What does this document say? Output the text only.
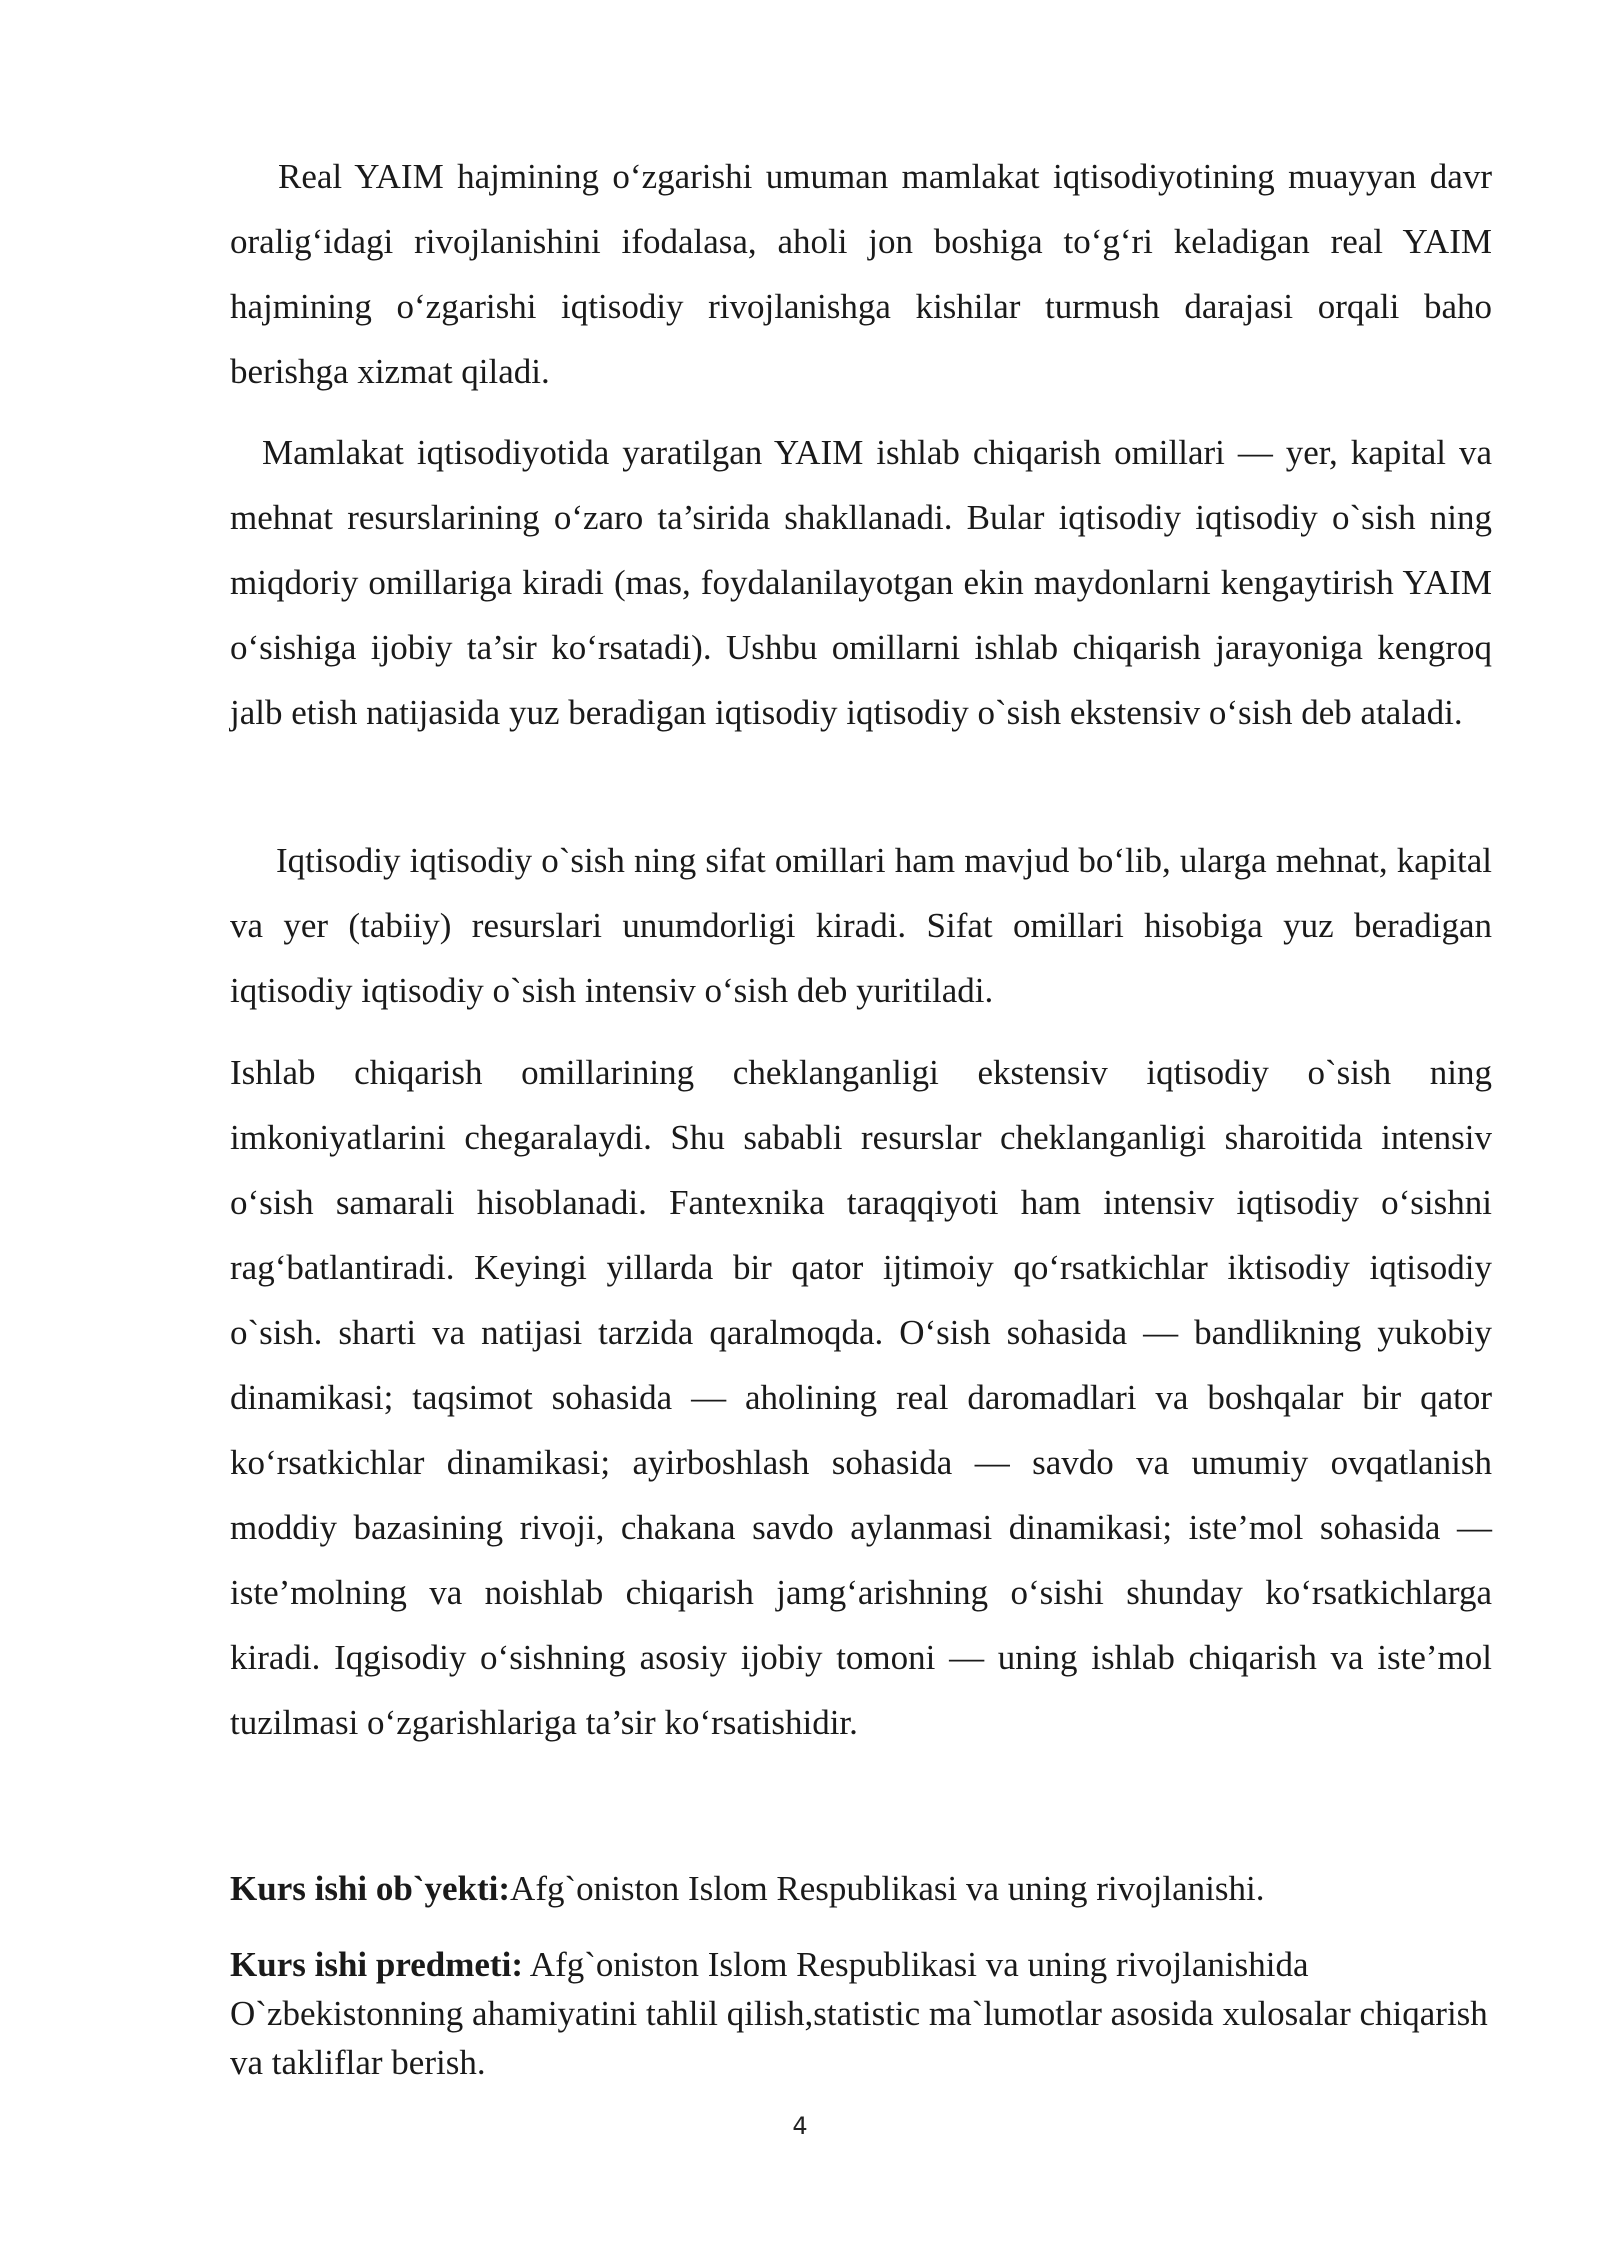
Real YAIM hajmining o‘zgarishi umuman mamlakat iqtisodiyotining muayyan davr oralig‘idagi rivojlanishini ifodalasa, aholi jon boshiga to‘g‘ri keladigan real YAIM hajmining o‘zgarishi iqtisodiy rivojlanishga kishilar turmush darajasi orqali baho berishga xizmat qiladi.

Mamlakat iqtisodiyotida yaratilgan YAIM ishlab chiqarish omillari — yer, kapital va mehnat resurslarining o‘zaro ta’sirida shakllanadi. Bular iqtisodiy iqtisodiy o`sish ning miqdoriy omillariga kiradi (mas, foydalanilayotgan ekin maydonlarni kengaytirish YAIM o‘sishiga ijobiy ta’sir ko‘rsatadi). Ushbu omillarni ishlab chiqarish jarayoniga kengroq jalb etish natijasida yuz beradigan iqtisodiy iqtisodiy o`sish ekstensiv o‘sish deb ataladi.

Iqtisodiy iqtisodiy o`sish ning sifat omillari ham mavjud bo‘lib, ularga mehnat, kapital va yer (tabiiy) resurslari unumdorligi kiradi. Sifat omillari hisobiga yuz beradigan iqtisodiy iqtisodiy o`sish intensiv o‘sish deb yuritiladi.

Ishlab chiqarish omillarining cheklanganligi ekstensiv iqtisodiy o`sish ning imkoniyatlarini chegaralaydi. Shu sababli resurslar cheklanganligi sharoitida intensiv o‘sish samarali hisoblanadi. Fantexnika taraqqiyoti ham intensiv iqtisodiy o‘sishni rag‘batlantiradi. Keyingi yillarda bir qator ijtimoiy qo‘rsatkichlar iktisodiy iqtisodiy o`sish. sharti va natijasi tarzida qaralmoqda. O‘sish sohasida — bandlikning yukobiy dinamikasi; taqsimot sohasida — aholining real daromadlari va boshqalar bir qator ko‘rsatkichlar dinamikasi; ayirboshlash sohasida — savdo va umumiy ovqatlanish moddiy bazasining rivoji, chakana savdo aylanmasi dinamikasi; iste’mol sohasida — iste’molning va noishlab chiqarish jamg‘arishning o‘sishi shunday ko‘rsatkichlarga kiradi. Iqgisodiy o‘sishning asosiy ijobiy tomoni — uning ishlab chiqarish va iste’mol tuzilmasi o‘zgarishlariga ta’sir ko‘rsatishidir.

Kurs ishi ob`yekti:Afg`oniston Islom Respublikasi va uning rivojlanishi.

Kurs ishi predmeti: Afg`oniston Islom Respublikasi va uning rivojlanishida O`zbekistonning ahamiyatini tahlil qilish,statistic ma`lumotlar asosida xulosalar chiqarish va takliflar berish.

4
